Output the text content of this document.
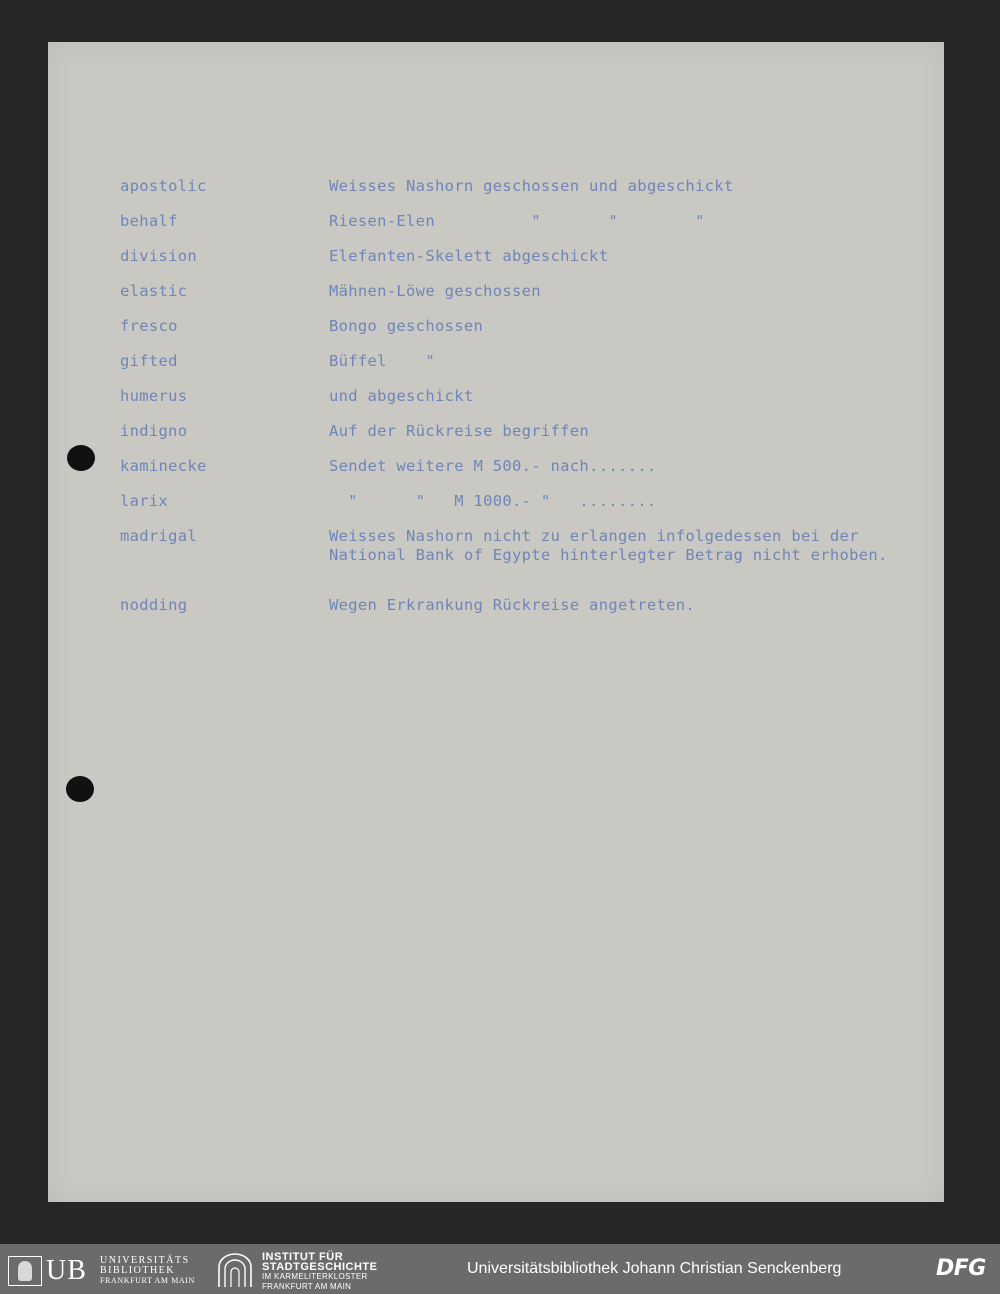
apostolic	Weisses Nashorn geschossen und abgeschickt
behalf	Riesen-Elen          "       "        "
division	Elefanten-Skelett abgeschickt
elastic	Mähnen-Löwe geschossen
fresco	Bongo geschossen
gifted	Büffel    "
humerus	und abgeschickt
indigno	Auf der Rückreise begriffen
kaminecke	Sendet weitere M 500.- nach.......
larix	"      "   M 1000.- "   ........
madrigal	Weisses Nashorn nicht zu erlangen infolgedessen bei der National Bank of Egypte hinterlegter Betrag nicht erhoben.
nodding	Wegen Erkrankung Rückreise angetreten.
UB UNIVERSITÄTS
BIBLIOTHEK
FRANKFURT AM MAIN
INSTITUT FÜR
STADTGESCHICHTE
IM KARMELITERKLOSTER
FRANKFURT AM MAIN
Universitätsbibliothek Johann Christian Senckenberg	DFG
